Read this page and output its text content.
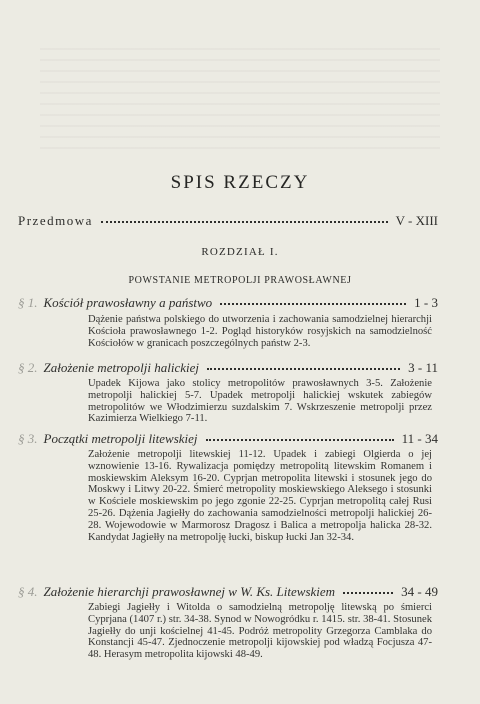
SPIS RZECZY
Przedmowa	V - XIII
ROZDZIAŁ I.
POWSTANIE METROPOLJI PRAWOSŁAWNEJ
§ 1. Kościół prawosławny a państwo	1 - 3
Dążenie państwa polskiego do utworzenia i zachowania samodzielnej hierarchji Kościoła prawosławnego 1-2. Pogląd historyków rosyjskich na samodzielność Kościołów w granicach poszczególnych państw 2-3.
§ 2. Założenie metropolji halickiej	3 - 11
Upadek Kijowa jako stolicy metropolitów prawosławnych 3-5. Założenie metropolji halickiej 5-7. Upadek metropolji halickiej wskutek zabiegów metropolitów we Włodzimierzu suzdalskim 7. Wskrzeszenie metropolji przez Kazimierza Wielkiego 7-11.
§ 3. Początki metropolji litewskiej	11 - 34
Założenie metropolji litewskiej 11-12. Upadek i zabiegi Olgierda o jej wznowienie 13-16. Rywalizacja pomiędzy metropolitą litewskim Romanem i moskiewskim Aleksym 16-20. Cyprjan metropolita litewski i stosunek jego do Moskwy i Litwy 20-22. Śmierć metropolity moskiewskiego Aleksego i stosunki w Kościele moskiewskim po jego zgonie 22-25. Cyprjan metropolitą całej Rusi 25-26. Dążenia Jagiełły do zachowania samodzielności metropolji halickiej 26-28. Wojewodowie w Marmorosz Dragosz i Balica a metropolja halicka 28-32. Kandydat Jagiełły na metropolję łucki, biskup łucki Jan 32-34.
§ 4. Założenie hierarchji prawosławnej w W. Ks. Litewskiem	34 - 49
Zabiegi Jagiełły i Witolda o samodzielną metropolję litewską po śmierci Cyprjana (1407 r.) str. 34-38. Synod w Nowogródku r. 1415. str. 38-41. Stosunek Jagiełły do unji kościelnej 41-45. Podróż metropolity Grzegorza Camblaka do Konstancji 45-47. Zjednoczenie metropolji kijowskiej pod władzą Focjusza 47-48. Herasym metropolita kijowski 48-49.
